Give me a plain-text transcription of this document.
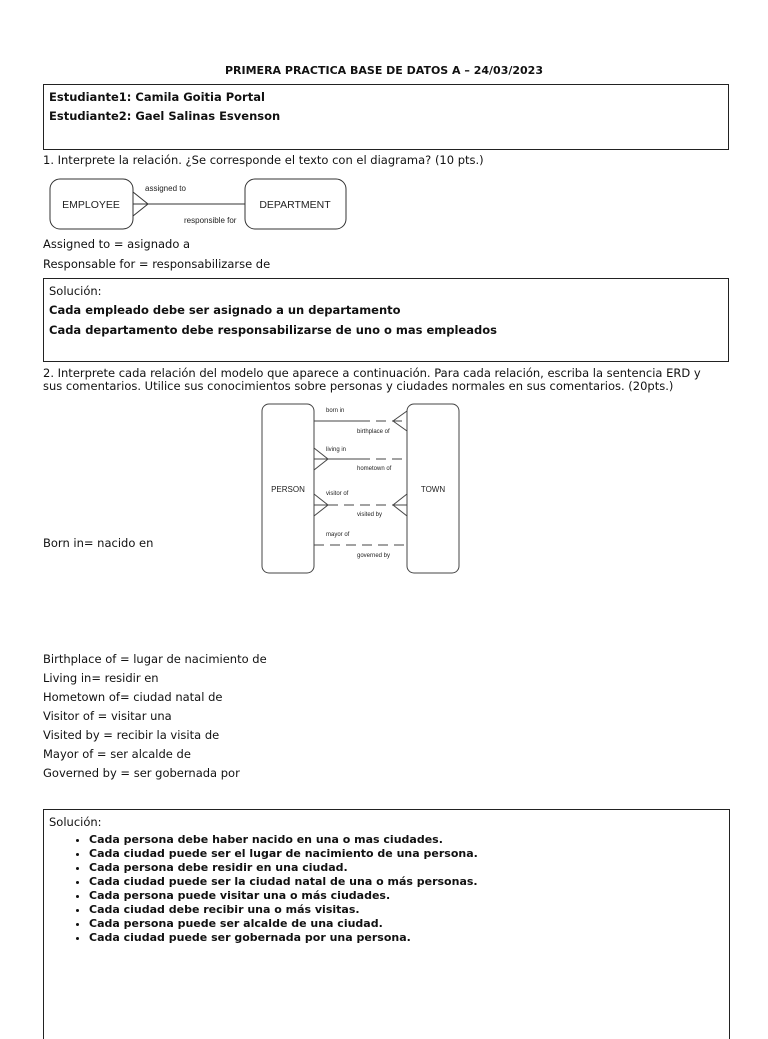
PRIMERA PRACTICA BASE DE DATOS A – 24/03/2023
Estudiante1: Camila Goitia Portal
Estudiante2: Gael Salinas Esvenson
1. Interprete la relación. ¿Se corresponde el texto con el diagrama? (10 pts.)
EMPLOYEE	DEPARTMENT
assigned to
responsible for
Assigned to = asignado a
Responsable for = responsabilizarse de
Solución:
Cada empleado debe ser asignado a un departamento
Cada departamento debe responsabilizarse de uno o mas empleados
2. Interprete cada relación del modelo que aparece a continuación. Para cada relación, escriba la sentencia ERD y
sus comentarios. Utilice sus conocimientos sobre personas y ciudades normales en sus comentarios. (20pts.)
PERSON	TOWN
born in
birthplace of
living in
hometown of
visitor of
visited by
mayor of
governed by
Born in= nacido en
Birthplace of = lugar de nacimiento de
Living in= residir en
Hometown of= ciudad natal de
Visitor of = visitar una
Visited by = recibir la visita de
Mayor of = ser alcalde de
Governed by = ser gobernada por
Solución:
• Cada persona debe haber nacido en una o mas ciudades.
• Cada ciudad puede ser el lugar de nacimiento de una persona.
• Cada persona debe residir en una ciudad.
• Cada ciudad puede ser la ciudad natal de una o más personas.
• Cada persona puede visitar una o más ciudades.
• Cada ciudad debe recibir una o más visitas.
• Cada persona puede ser alcalde de una ciudad.
• Cada ciudad puede ser gobernada por una persona.
